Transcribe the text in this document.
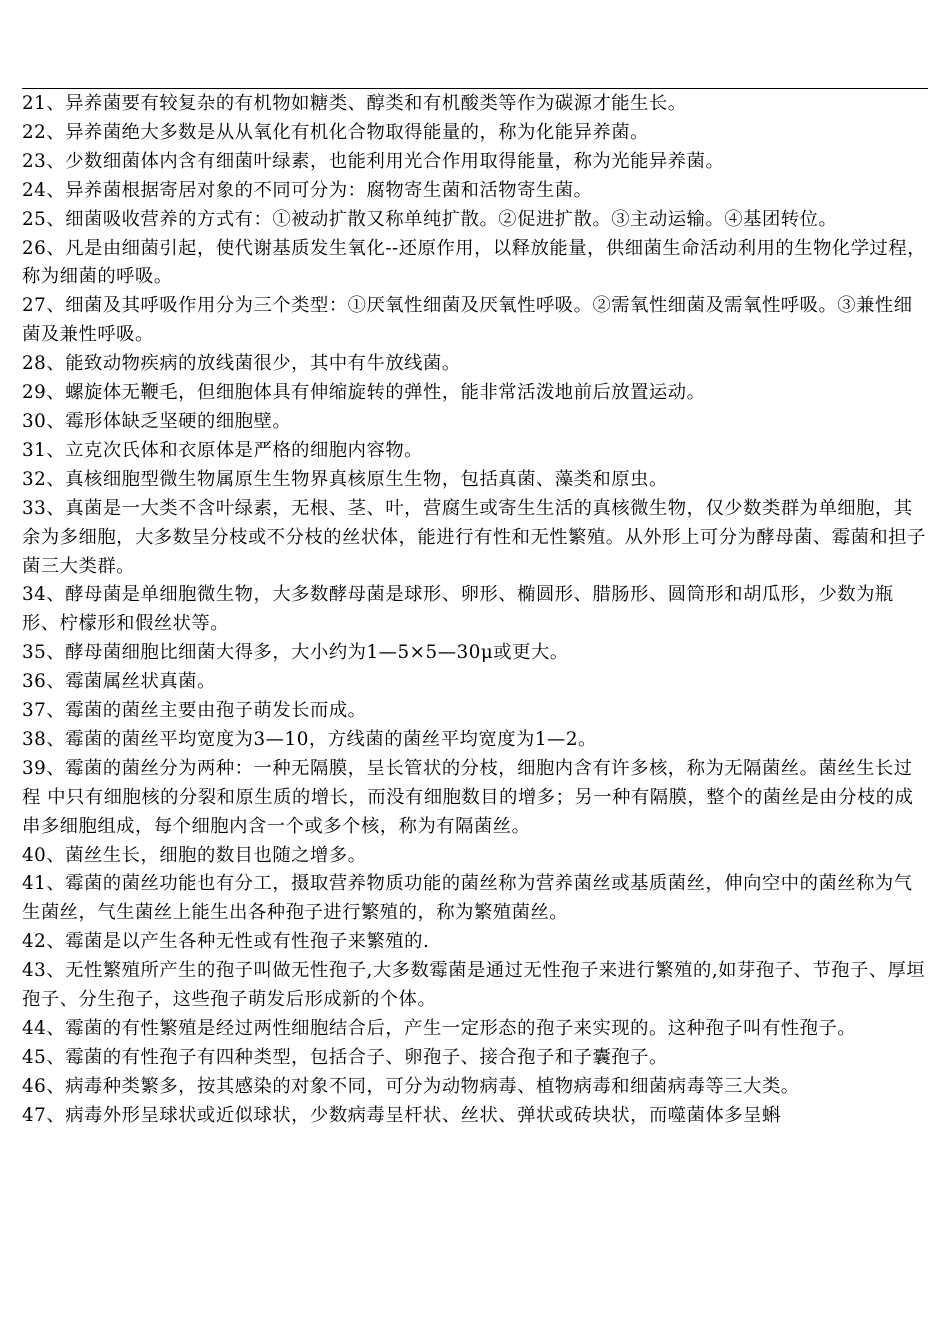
21、异养菌要有较复杂的有机物如糖类、醇类和有机酸类等作为碳源才能生长。

22、异养菌绝大多数是从从氧化有机化合物取得能量的，称为化能异养菌。

23、少数细菌体内含有细菌叶绿素，也能利用光合作用取得能量，称为光能异养菌。

24、异养菌根据寄居对象的不同可分为：腐物寄生菌和活物寄生菌。

25、细菌吸收营养的方式有：①被动扩散又称单纯扩散。②促进扩散。③主动运输。④基团转位。

26、凡是由细菌引起，使代谢基质发生氧化--还原作用，以释放能量，供细菌生命活动利用的生物化学过程，称为细菌的呼吸。

27、细菌及其呼吸作用分为三个类型：①厌氧性细菌及厌氧性呼吸。②需氧性细菌及需氧性呼吸。③兼性细菌及兼性呼吸。

28、能致动物疾病的放线菌很少，其中有牛放线菌。

29、螺旋体无鞭毛，但细胞体具有伸缩旋转的弹性，能非常活泼地前后放置运动。

30、霉形体缺乏坚硬的细胞壁。

31、立克次氏体和衣原体是严格的细胞内容物。

32、真核细胞型微生物属原生生物界真核原生生物，包括真菌、藻类和原虫。

33、真菌是一大类不含叶绿素，无根、茎、叶，营腐生或寄生生活的真核微生物，仅少数类群为单细胞，其余为多细胞，大多数呈分枝或不分枝的丝状体，能进行有性和无性繁殖。从外形上可分为酵母菌、霉菌和担子菌三大类群。

34、酵母菌是单细胞微生物，大多数酵母菌是球形、卵形、椭圆形、腊肠形、圆筒形和胡瓜形，少数为瓶形、柠檬形和假丝状等。

35、酵母菌细胞比细菌大得多，大小约为1—5×5—30μ或更大。

36、霉菌属丝状真菌。

37、霉菌的菌丝主要由孢子萌发长而成。

38、霉菌的菌丝平均宽度为3—10，方线菌的菌丝平均宽度为1—2。

39、霉菌的菌丝分为两种：一种无隔膜，呈长管状的分枝，细胞内含有许多核，称为无隔菌丝。菌丝生长过程 中只有细胞核的分裂和原生质的增长，而没有细胞数目的增多；另一种有隔膜，整个的菌丝是由分枝的成串多细胞组成，每个细胞内含一个或多个核，称为有隔菌丝。

40、菌丝生长，细胞的数目也随之增多。

41、霉菌的菌丝功能也有分工，摄取营养物质功能的菌丝称为营养菌丝或基质菌丝，伸向空中的菌丝称为气生菌丝，气生菌丝上能生出各种孢子进行繁殖的，称为繁殖菌丝。

42、霉菌是以产生各种无性或有性孢子来繁殖的.

43、无性繁殖所产生的孢子叫做无性孢子,大多数霉菌是通过无性孢子来进行繁殖的,如芽孢子、节孢子、厚垣孢子、分生孢子，这些孢子萌发后形成新的个体。

44、霉菌的有性繁殖是经过两性细胞结合后，产生一定形态的孢子来实现的。这种孢子叫有性孢子。

45、霉菌的有性孢子有四种类型，包括合子、卵孢子、接合孢子和子囊孢子。

46、病毒种类繁多，按其感染的对象不同，可分为动物病毒、植物病毒和细菌病毒等三大类。

47、病毒外形呈球状或近似球状，少数病毒呈杆状、丝状、弹状或砖块状，而噬菌体多呈蝌
